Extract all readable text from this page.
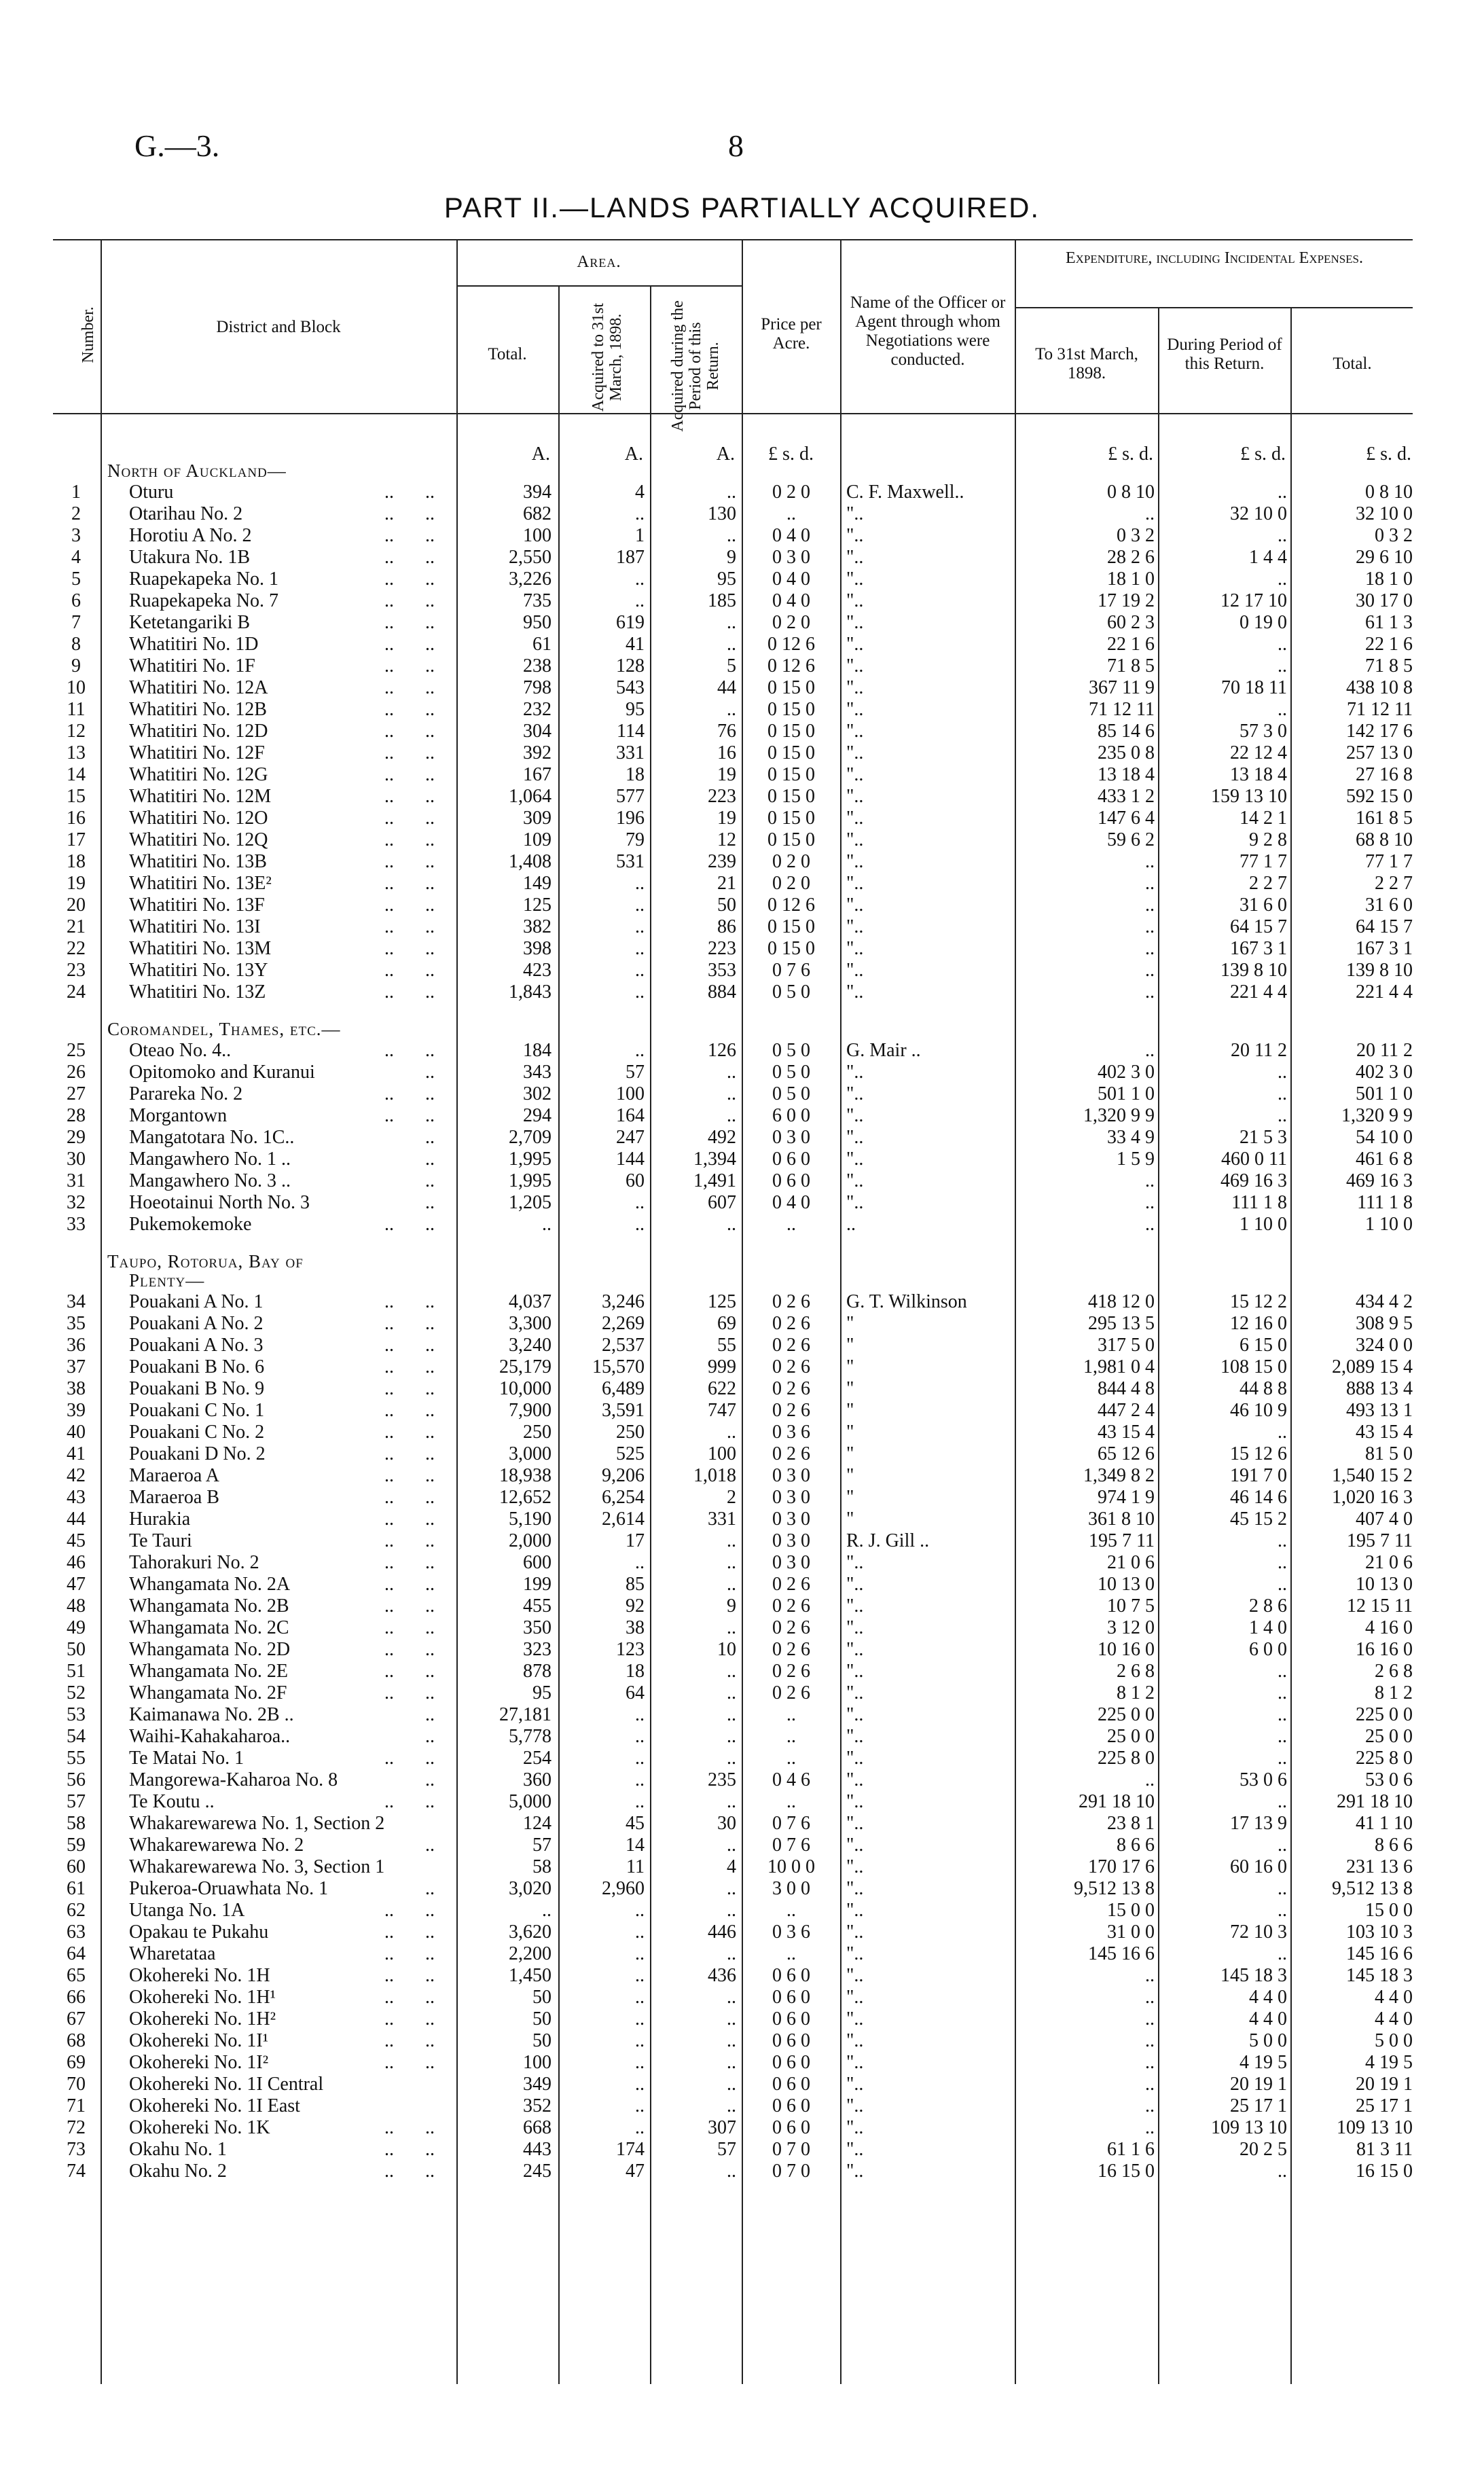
G.—3.	8
PART II.—LANDS PARTIALLY ACQUIRED.
Number.	District and Block
Area.
Total.	Acquired to 31st March, 1898.	Acquired during the Period of this Return.
Price per Acre.
Name of the Officer or Agent through whom Negotiations were conducted.
Expenditure, including Incidental Expenses.
To 31st March, 1898.
During Period of this Return.	Total.
A.	A.	A.	£ s. d.	£ s. d.	£ s. d.	£ s. d.
North of Auckland—
1	Oturu	..	..	394	4	..	0 2 0	C. F. Maxwell..	0 8 10	..	0 8 10
2	Otarihau No. 2	..	..	682	..	130	..	"..	..	32 10 0	32 10 0
3	Horotiu A No. 2	..	..	100	1	..	0 4 0	"..	0 3 2	..	0 3 2
4	Utakura No. 1B	..	..	2,550	187	9	0 3 0	"..	28 2 6	1 4 4	29 6 10
5	Ruapekapeka No. 1	..	..	3,226	..	95	0 4 0	"..	18 1 0	..	18 1 0
6	Ruapekapeka No. 7	..	..	735	..	185	0 4 0	"..	17 19 2	12 17 10	30 17 0
7	Ketetangariki B	..	..	950	619	..	0 2 0	"..	60 2 3	0 19 0	61 1 3
8	Whatitiri No. 1D	..	..	61	41	..	0 12 6	"..	22 1 6	..	22 1 6
9	Whatitiri No. 1F	..	..	238	128	5	0 12 6	"..	71 8 5	..	71 8 5
10	Whatitiri No. 12A	..	..	798	543	44	0 15 0	"..	367 11 9	70 18 11	438 10 8
11	Whatitiri No. 12B	..	..	232	95	..	0 15 0	"..	71 12 11	..	71 12 11
12	Whatitiri No. 12D	..	..	304	114	76	0 15 0	"..	85 14 6	57 3 0	142 17 6
13	Whatitiri No. 12F	..	..	392	331	16	0 15 0	"..	235 0 8	22 12 4	257 13 0
14	Whatitiri No. 12G	..	..	167	18	19	0 15 0	"..	13 18 4	13 18 4	27 16 8
15	Whatitiri No. 12M	..	..	1,064	577	223	0 15 0	"..	433 1 2	159 13 10	592 15 0
16	Whatitiri No. 12O	..	..	309	196	19	0 15 0	"..	147 6 4	14 2 1	161 8 5
17	Whatitiri No. 12Q	..	..	109	79	12	0 15 0	"..	59 6 2	9 2 8	68 8 10
18	Whatitiri No. 13B	..	..	1,408	531	239	0 2 0	"..	..	77 1 7	77 1 7
19	Whatitiri No. 13E²	..	..	149	..	21	0 2 0	"..	..	2 2 7	2 2 7
20	Whatitiri No. 13F	..	..	125	..	50	0 12 6	"..	..	31 6 0	31 6 0
21	Whatitiri No. 13I	..	..	382	..	86	0 15 0	"..	..	64 15 7	64 15 7
22	Whatitiri No. 13M	..	..	398	..	223	0 15 0	"..	..	167 3 1	167 3 1
23	Whatitiri No. 13Y	..	..	423	..	353	0 7 6	"..	..	139 8 10	139 8 10
24	Whatitiri No. 13Z	..	..	1,843	..	884	0 5 0	"..	..	221 4 4	221 4 4
Coromandel, Thames, etc.—
25	Oteao No. 4..	..	..	184	..	126	0 5 0	G. Mair ..	..	20 11 2	20 11 2
26	Opitomoko and Kuranui	..	343	57	..	0 5 0	"..	402 3 0	..	402 3 0
27	Parareka No. 2	..	..	302	100	..	0 5 0	"..	501 1 0	..	501 1 0
28	Morgantown	..	..	294	164	..	6 0 0	"..	1,320 9 9	..	1,320 9 9
29	Mangatotara No. 1C..	..	2,709	247	492	0 3 0	"..	33 4 9	21 5 3	54 10 0
30	Mangawhero No. 1 ..	..	1,995	144	1,394	0 6 0	"..	1 5 9	460 0 11	461 6 8
31	Mangawhero No. 3 ..	..	1,995	60	1,491	0 6 0	"..	..	469 16 3	469 16 3
32	Hoeotainui North No. 3	..	1,205	..	607	0 4 0	"..	..	111 1 8	111 1 8
33	Pukemokemoke	..	..	..	..	..	..	..	..	1 10 0	1 10 0
Taupo, Rotorua, Bay of
Plenty—
34	Pouakani A No. 1	..	..	4,037	3,246	125	0 2 6	G. T. Wilkinson	418 12 0	15 12 2	434 4 2
35	Pouakani A No. 2	..	..	3,300	2,269	69	0 2 6	"	295 13 5	12 16 0	308 9 5
36	Pouakani A No. 3	..	..	3,240	2,537	55	0 2 6	"	317 5 0	6 15 0	324 0 0
37	Pouakani B No. 6	..	..	25,179	15,570	999	0 2 6	"	1,981 0 4	108 15 0	2,089 15 4
38	Pouakani B No. 9	..	..	10,000	6,489	622	0 2 6	"	844 4 8	44 8 8	888 13 4
39	Pouakani C No. 1	..	..	7,900	3,591	747	0 2 6	"	447 2 4	46 10 9	493 13 1
40	Pouakani C No. 2	..	..	250	250	..	0 3 6	"	43 15 4	..	43 15 4
41	Pouakani D No. 2	..	..	3,000	525	100	0 2 6	"	65 12 6	15 12 6	81 5 0
42	Maraeroa A	..	..	18,938	9,206	1,018	0 3 0	"	1,349 8 2	191 7 0	1,540 15 2
43	Maraeroa B	..	..	12,652	6,254	2	0 3 0	"	974 1 9	46 14 6	1,020 16 3
44	Hurakia	..	..	5,190	2,614	331	0 3 0	"	361 8 10	45 15 2	407 4 0
45	Te Tauri	..	..	2,000	17	..	0 3 0	R. J. Gill ..	195 7 11	..	195 7 11
46	Tahorakuri No. 2	..	..	600	..	..	0 3 0	"..	21 0 6	..	21 0 6
47	Whangamata No. 2A	..	..	199	85	..	0 2 6	"..	10 13 0	..	10 13 0
48	Whangamata No. 2B	..	..	455	92	9	0 2 6	"..	10 7 5	2 8 6	12 15 11
49	Whangamata No. 2C	..	..	350	38	..	0 2 6	"..	3 12 0	1 4 0	4 16 0
50	Whangamata No. 2D	..	..	323	123	10	0 2 6	"..	10 16 0	6 0 0	16 16 0
51	Whangamata No. 2E	..	..	878	18	..	0 2 6	"..	2 6 8	..	2 6 8
52	Whangamata No. 2F	..	..	95	64	..	0 2 6	"..	8 1 2	..	8 1 2
53	Kaimanawa No. 2B ..	..	27,181	..	..	..	"..	225 0 0	..	225 0 0
54	Waihi-Kahakaharoa..	..	5,778	..	..	..	"..	25 0 0	..	25 0 0
55	Te Matai No. 1	..	..	254	..	..	..	"..	225 8 0	..	225 8 0
56	Mangorewa-Kaharoa No. 8	..	360	..	235	0 4 6	"..	..	53 0 6	53 0 6
57	Te Koutu ..	..	..	5,000	..	..	..	"..	291 18 10	..	291 18 10
58	Whakarewarewa No. 1, Section 2	124	45	30	0 7 6	"..	23 8 1	17 13 9	41 1 10
59	Whakarewarewa No. 2	..	57	14	..	0 7 6	"..	8 6 6	..	8 6 6
60	Whakarewarewa No. 3, Section 1	58	11	4	10 0 0	"..	170 17 6	60 16 0	231 13 6
61	Pukeroa-Oruawhata No. 1	..	3,020	2,960	..	3 0 0	"..	9,512 13 8	..	9,512 13 8
62	Utanga No. 1A	..	..	..	..	..	..	"..	15 0 0	..	15 0 0
63	Opakau te Pukahu	..	..	3,620	..	446	0 3 6	"..	31 0 0	72 10 3	103 10 3
64	Wharetataa	..	..	2,200	..	..	..	"..	145 16 6	..	145 16 6
65	Okohereki No. 1H	..	..	1,450	..	436	0 6 0	"..	..	145 18 3	145 18 3
66	Okohereki No. 1H¹	..	..	50	..	..	0 6 0	"..	..	4 4 0	4 4 0
67	Okohereki No. 1H²	..	..	50	..	..	0 6 0	"..	..	4 4 0	4 4 0
68	Okohereki No. 1I¹	..	..	50	..	..	0 6 0	"..	..	5 0 0	5 0 0
69	Okohereki No. 1I²	..	..	100	..	..	0 6 0	"..	..	4 19 5	4 19 5
70	Okohereki No. 1I Central	349	..	..	0 6 0	"..	..	20 19 1	20 19 1
71	Okohereki No. 1I East	352	..	..	0 6 0	"..	..	25 17 1	25 17 1
72	Okohereki No. 1K	..	..	668	..	307	0 6 0	"..	..	109 13 10	109 13 10
73	Okahu No. 1	..	..	443	174	57	0 7 0	"..	61 1 6	20 2 5	81 3 11
74	Okahu No. 2	..	..	245	47	..	0 7 0	"..	16 15 0	..	16 15 0
